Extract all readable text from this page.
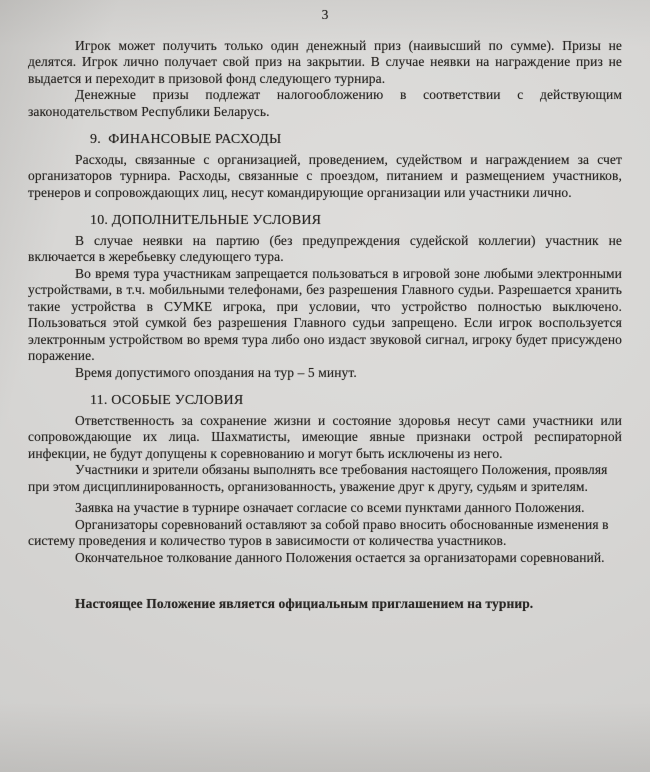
3

Игрок может получить только один денежный приз (наивысший по сумме). Призы не делятся. Игрок лично получает свой приз на закрытии. В случае неявки на награждение приз не выдается и переходит в призовой фонд следующего турнира.

Денежные призы подлежат налогообложению в соответствии с действующим законодательством Республики Беларусь.

9.  ФИНАНСОВЫЕ РАСХОДЫ

Расходы, связанные с организацией, проведением, судейством и награждением за счет организаторов турнира. Расходы, связанные с проездом, питанием и размещением участников, тренеров и сопровождающих лиц, несут командирующие организации или участники лично.

10. ДОПОЛНИТЕЛЬНЫЕ УСЛОВИЯ

В случае неявки на партию (без предупреждения судейской коллегии) участник не включается в жеребьевку следующего тура.

Во время тура участникам запрещается пользоваться в игровой зоне любыми электронными устройствами, в т.ч. мобильными телефонами, без разрешения Главного судьи. Разрешается хранить такие устройства в СУМКЕ игрока, при условии, что устройство полностью выключено. Пользоваться этой сумкой без разрешения Главного судьи запрещено. Если игрок воспользуется электронным устройством во время тура либо оно издаст звуковой сигнал, игроку будет присуждено поражение.

Время допустимого опоздания на тур – 5 минут.

11. ОСОБЫЕ УСЛОВИЯ

Ответственность за сохранение жизни и состояние здоровья несут сами участники или сопровождающие их лица. Шахматисты, имеющие явные признаки острой респираторной инфекции, не будут допущены к соревнованию и могут быть исключены из него.

Участники и зрители обязаны выполнять все требования настоящего Положения, проявляя при этом дисциплинированность, организованность, уважение друг к другу, судьям и зрителям.

Заявка на участие в турнире означает согласие со всеми пунктами данного Положения.

Организаторы соревнований оставляют за собой право вносить обоснованные изменения в систему проведения и количество туров в зависимости от количества участников.

Окончательное толкование данного Положения остается за организаторами соревнований.

Настоящее Положение является официальным приглашением на турнир.
